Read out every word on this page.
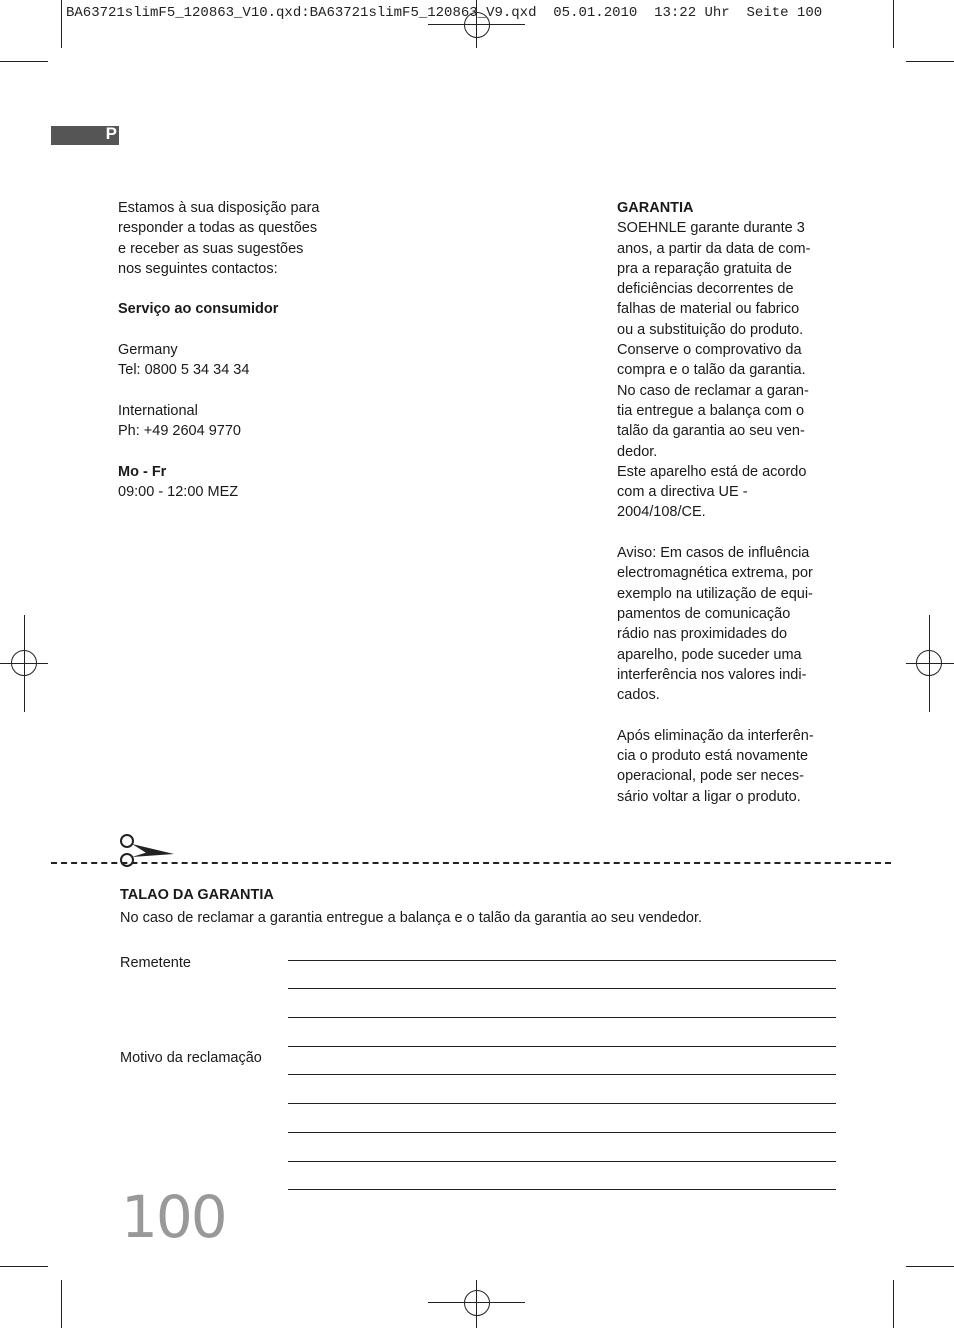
BA63721slimF5_120863_V10.qxd:BA63721slimF5_120863_V9.qxd  05.01.2010  13:22 Uhr  Seite 100
P

Estamos à sua disposição para

responder a todas as questões

e receber as suas sugestões

nos seguintes contactos:

Serviço ao consumidor

Germany

Tel: 0800 5 34 34 34

International

Ph: +49 2604 9770

Mo - Fr

09:00 - 12:00 MEZ

GARANTIA

SOEHNLE garante durante 3

anos, a partir da data de com-

pra a reparação gratuita de

deficiências decorrentes de

falhas de material ou fabrico

ou a substituição do produto.

Conserve o comprovativo da

compra e o talão da garantia.

No caso de reclamar a garan-

tia entregue a balança com o

talão da garantia ao seu ven-

dedor.

Este aparelho está de acordo

com a directiva UE -

2004/108/CE.

Aviso: Em casos de influência

electromagnética extrema, por

exemplo na utilização de equi-

pamentos de comunicação

rádio nas proximidades do

aparelho, pode suceder uma

interferência nos valores indi-

cados.

Após eliminação da interferên-

cia o produto está novamente

operacional, pode ser neces-

sário voltar a ligar o produto.

TALAO DA GARANTIA
No caso de reclamar a garantia entregue a balança e o talão da garantia ao seu vendedor.
Remetente
Motivo da reclamação
100
